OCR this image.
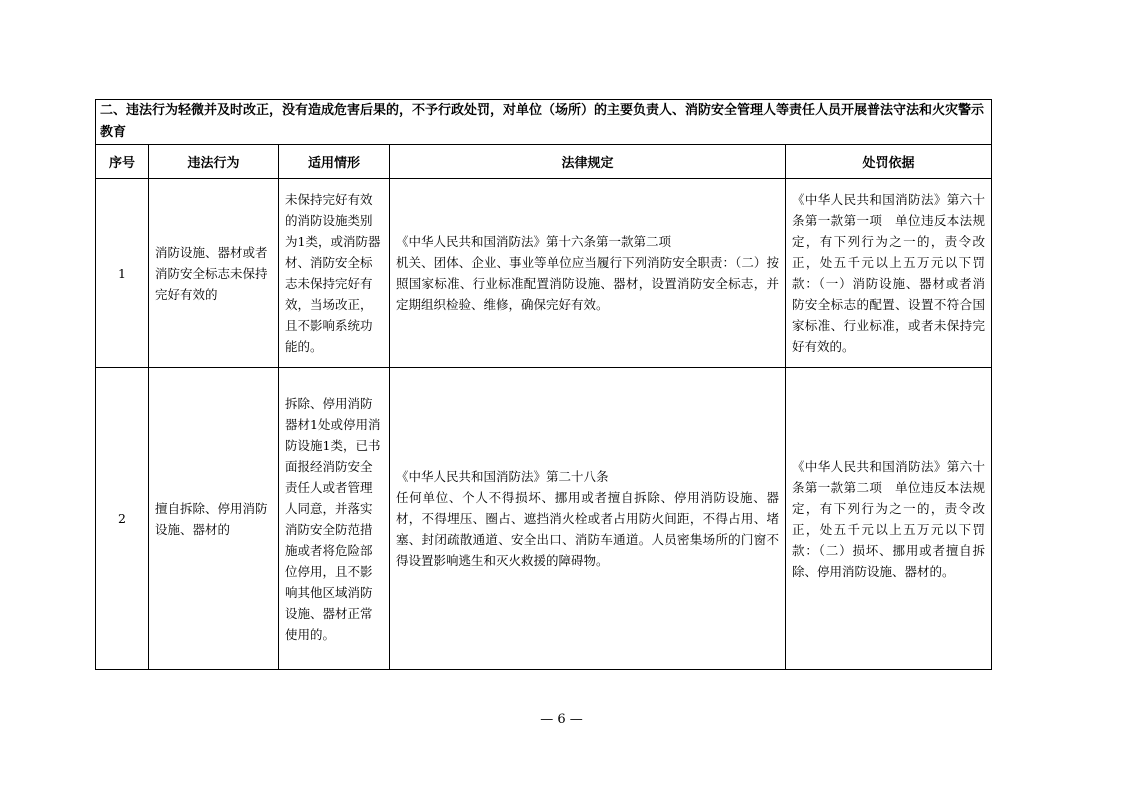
二、违法行为轻微并及时改正，没有造成危害后果的，不予行政处罚，对单位（场所）的主要负责人、消防安全管理人等责任人员开展普法守法和火灾警示教育				
序号	违法行为	适用情形	法律规定	处罚依据
1	消防设施、器材或者消防安全标志未保持完好有效的	未保持完好有效的消防设施类别为1类，或消防器材、消防安全标志未保持完好有效，当场改正，且不影响系统功能的。	《中华人民共和国消防法》第十六条第一款第二项
机关、团体、企业、事业等单位应当履行下列消防安全职责：（二）按照国家标准、行业标准配置消防设施、器材，设置消防安全标志，并定期组织检验、维修，确保完好有效。	《中华人民共和国消防法》第六十条第一款第一项　单位违反本法规定，有下列行为之一的，责令改正，处五千元以上五万元以下罚款：（一）消防设施、器材或者消防安全标志的配置、设置不符合国家标准、行业标准，或者未保持完好有效的。
2	擅自拆除、停用消防设施、器材的	拆除、停用消防器材1处或停用消防设施1类，已书面报经消防安全责任人或者管理人同意，并落实消防安全防范措施或者将危险部位停用，且不影响其他区域消防设施、器材正常使用的。	《中华人民共和国消防法》第二十八条
任何单位、个人不得损坏、挪用或者擅自拆除、停用消防设施、器材，不得埋压、圈占、遮挡消火栓或者占用防火间距，不得占用、堵塞、封闭疏散通道、安全出口、消防车通道。人员密集场所的门窗不得设置影响逃生和灭火救援的障碍物。	《中华人民共和国消防法》第六十条第一款第二项　单位违反本法规定，有下列行为之一的，责令改正，处五千元以上五万元以下罚款：（二）损坏、挪用或者擅自拆除、停用消防设施、器材的。
— 6 —
